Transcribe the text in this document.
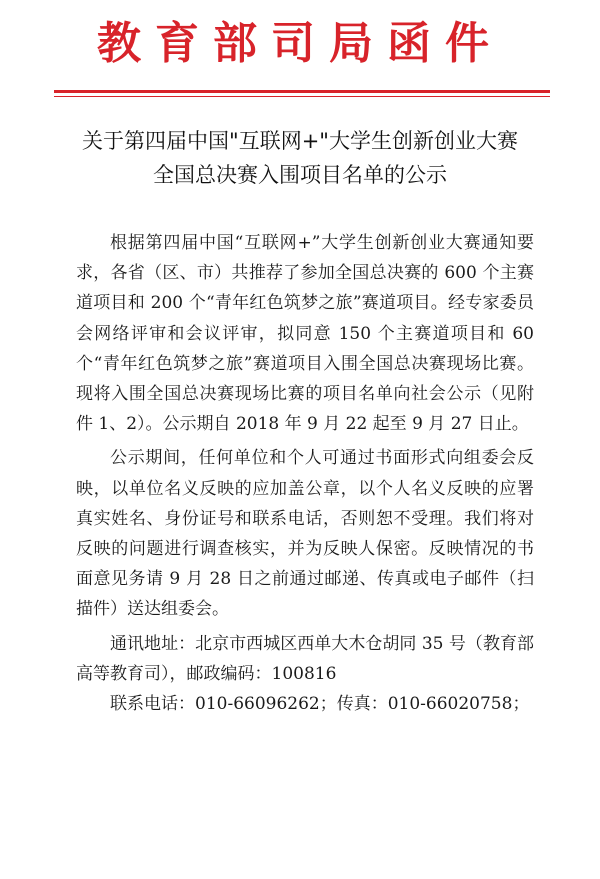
教育部司局函件
关于第四届中国"互联网+"大学生创新创业大赛
全国总决赛入围项目名单的公示

根据第四届中国“互联网+”大学生创新创业大赛通知要求，各省（区、市）共推荐了参加全国总决赛的 600 个主赛道项目和 200 个“青年红色筑梦之旅”赛道项目。经专家委员会网络评审和会议评审，拟同意 150 个主赛道项目和 60 个“青年红色筑梦之旅”赛道项目入围全国总决赛现场比赛。现将入围全国总决赛现场比赛的项目名单向社会公示（见附件 1、2）。公示期自 2018 年 9 月 22 起至 9 月 27 日止。

公示期间，任何单位和个人可通过书面形式向组委会反映，以单位名义反映的应加盖公章，以个人名义反映的应署真实姓名、身份证号和联系电话，否则恕不受理。我们将对反映的问题进行调查核实，并为反映人保密。反映情况的书面意见务请 9 月 28 日之前通过邮递、传真或电子邮件（扫描件）送达组委会。

通讯地址：北京市西城区西单大木仓胡同 35 号（教育部高等教育司），邮政编码：100816

联系电话：010-66096262；传真：010-66020758；
